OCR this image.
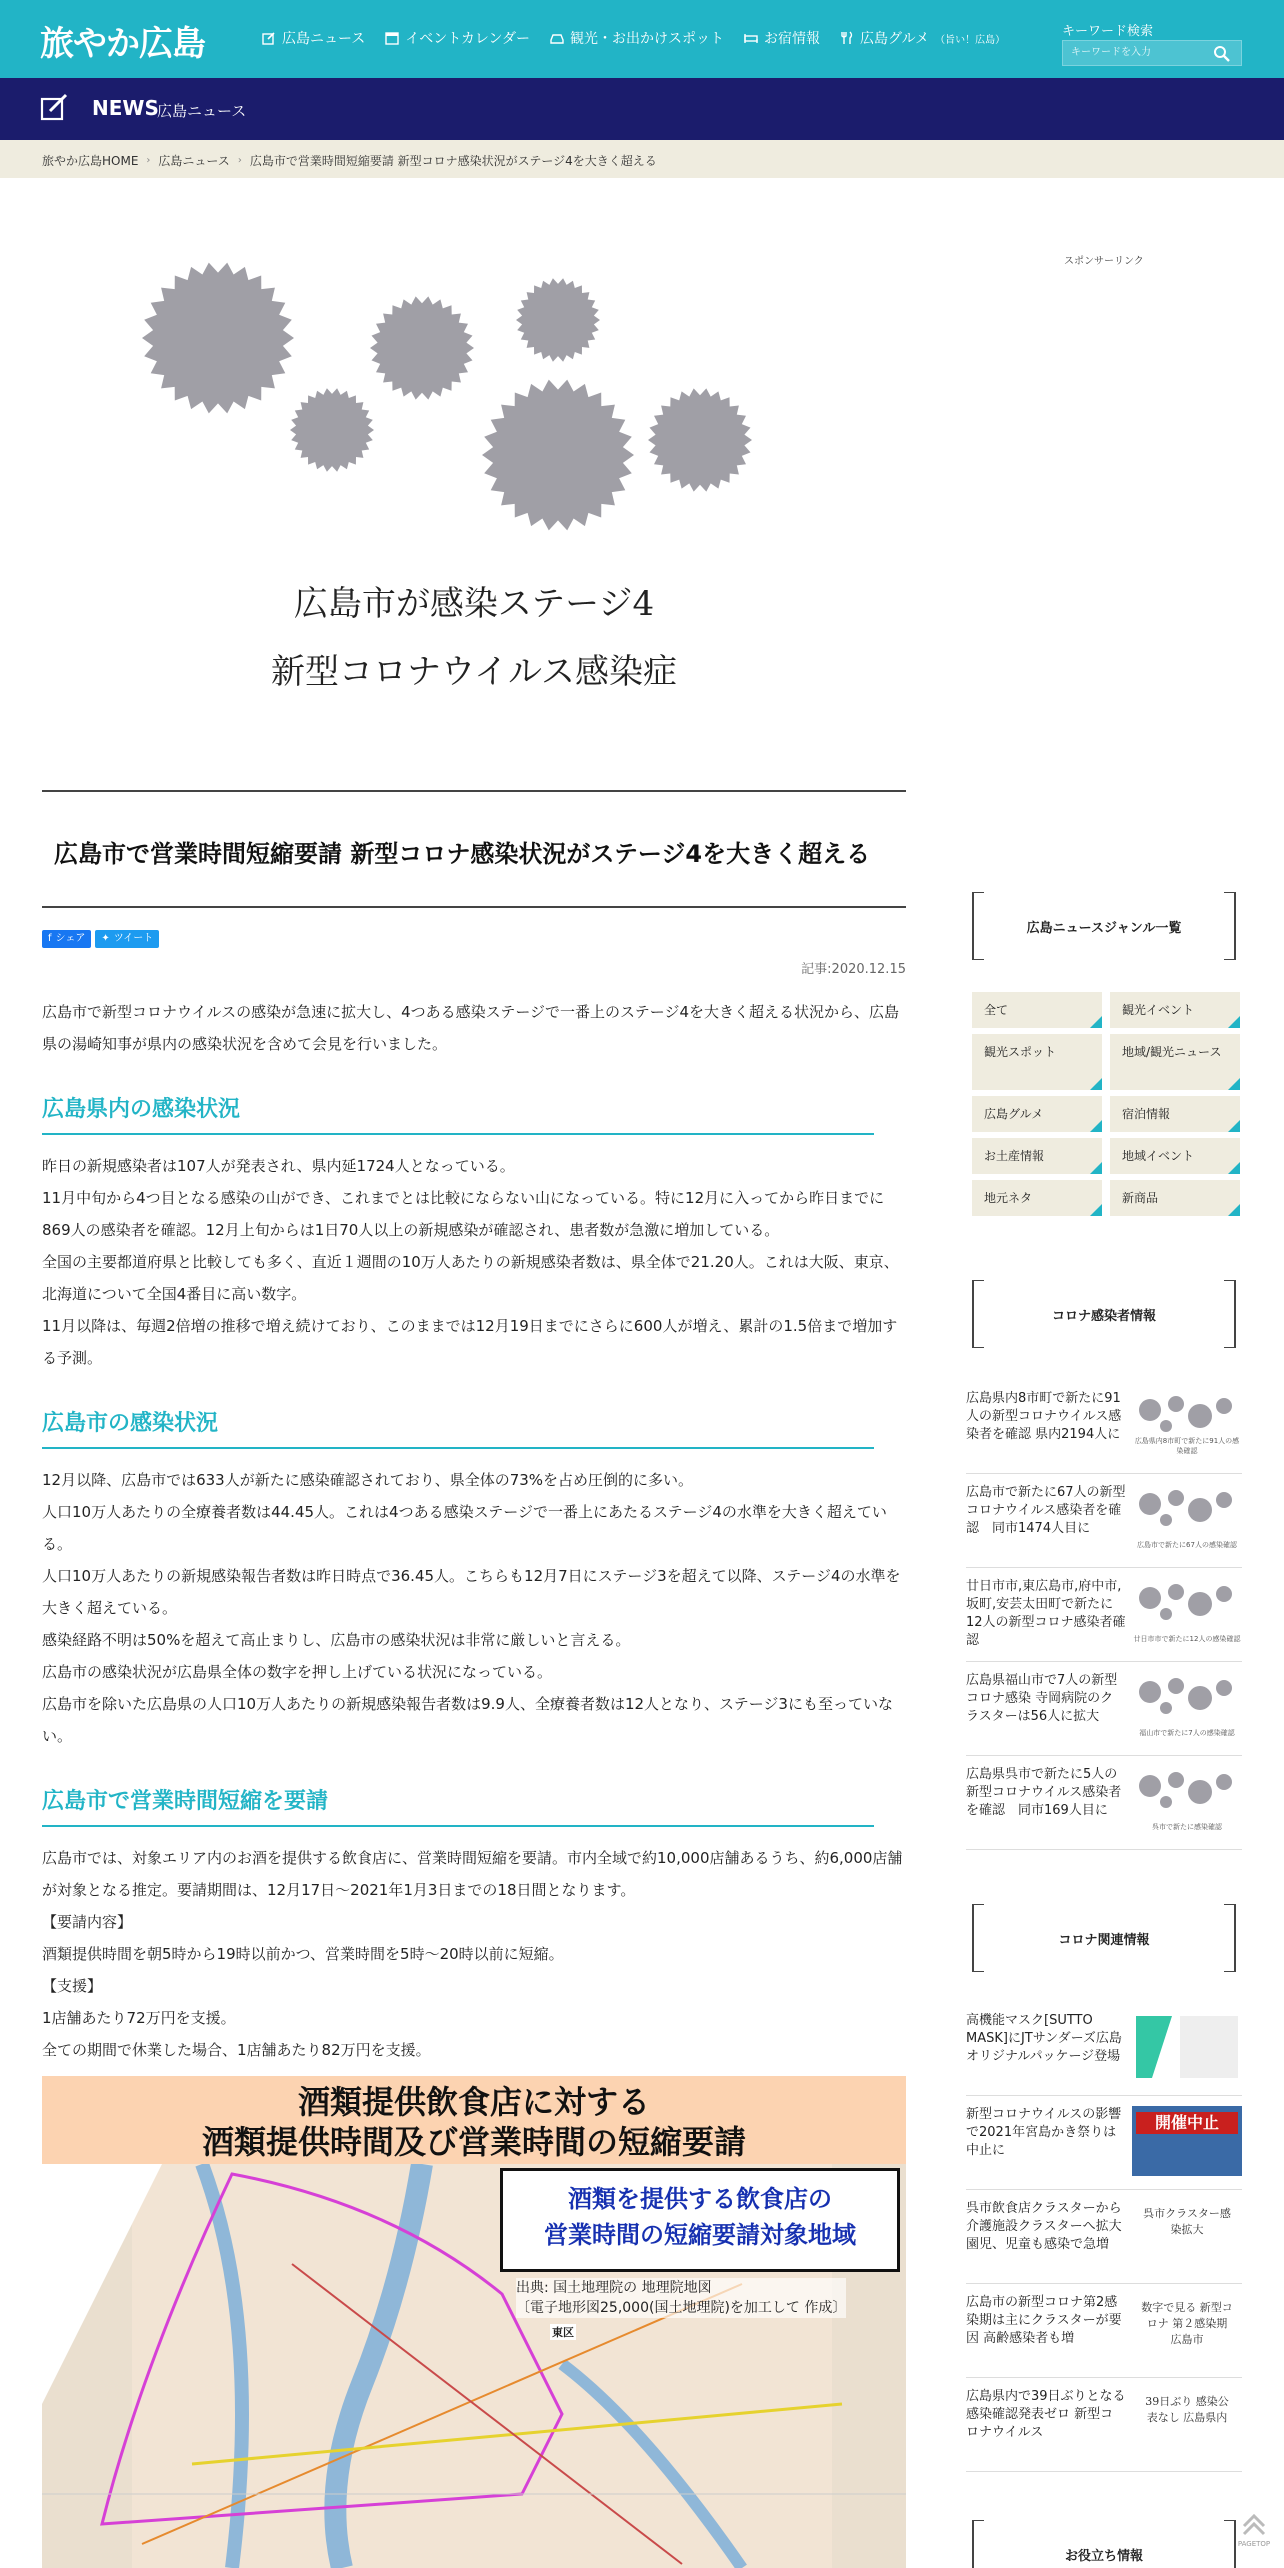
旅やか広島	広島ニュース	イベントカレンダー	観光・お出かけスポット	お宿情報	広島グルメ （旨い！広島）
キーワード検索
キーワードを入力
NEWS
広島ニュース
旅やか広島HOME › 広島ニュース › 広島市で営業時間短縮要請 新型コロナ感染状況がステージ4を大きく超える
広島市が感染ステージ4
新型コロナウイルス感染症
広島市で営業時間短縮要請 新型コロナ感染状況がステージ4を大きく超える
f シェア ✦ ツイート
記事:2020.12.15
広島市で新型コロナウイルスの感染が急速に拡大し、4つある感染ステージで一番上のステージ4を大きく超える状況から、広島県の湯崎知事が県内の感染状況を含めて会見を行いました。
広島県内の感染状況

昨日の新規感染者は107人が発表され、県内延1724人となっている。

11月中旬から4つ目となる感染の山ができ、これまでとは比較にならない山になっている。特に12月に入ってから昨日までに869人の感染者を確認。12月上旬からは1日70人以上の新規感染が確認され、患者数が急激に増加している。

全国の主要都道府県と比較しても多く、直近１週間の10万人あたりの新規感染者数は、県全体で21.20人。これは大阪、東京、北海道について全国4番目に高い数字。

11月以降は、毎週2倍増の推移で増え続けており、このままでは12月19日までにさらに600人が増え、累計の1.5倍まで増加する予測。

広島市の感染状況

12月以降、広島市では633人が新たに感染確認されており、県全体の73%を占め圧倒的に多い。

人口10万人あたりの全療養者数は44.45人。これは4つある感染ステージで一番上にあたるステージ4の水準を大きく超えている。

人口10万人あたりの新規感染報告者数は昨日時点で36.45人。こちらも12月7日にステージ3を超えて以降、ステージ4の水準を大きく超えている。

感染経路不明は50%を超えて高止まりし、広島市の感染状況は非常に厳しいと言える。

広島市の感染状況が広島県全体の数字を押し上げている状況になっている。

広島市を除いた広島県の人口10万人あたりの新規感染報告者数は9.9人、全療養者数は12人となり、ステージ3にも至っていない。

広島市で営業時間短縮を要請

広島市では、対象エリア内のお酒を提供する飲食店に、営業時間短縮を要請。市内全域で約10,000店舗あるうち、約6,000店舗が対象となる推定。要請期間は、12月17日〜2021年1月3日までの18日間となります。

【要請内容】

酒類提供時間を朝5時から19時以前かつ、営業時間を5時〜20時以前に短縮。

【支援】

1店舗あたり72万円を支援。

全ての期間で休業した場合、1店舗あたり82万円を支援。

酒類提供飲食店に対する
酒類提供時間及び営業時間の短縮要請
酒類を提供する飲食店の
営業時間の短縮要請対象地域
出典: 国土地理院の 地理院地図
〔電子地形図25,000(国土地理院)を加工して 作成〕
東区
スポンサーリンク
広島ニュースジャンル一覧
全て	観光イベント
観光スポット	地域/観光ニュース
広島グルメ	宿泊情報
お土産情報	地域イベント
地元ネタ	新商品
コロナ感染者情報
広島県内8市町で新たに91人の新型コロナウイルス感染者を確認 県内2194人に	広島県内8市町で新たに91人の感染確認
広島市で新たに67人の新型コロナウイルス感染者を確認　同市1474人目に
広島市で新たに67人の感染確認
廿日市市,東広島市,府中市,坂町,安芸太田町で新たに12人の新型コロナ感染者確認	廿日市市で新たに12人の感染確認
広島県福山市で7人の新型コロナ感染 寺岡病院のクラスターは56人に拡大
福山市で新たに7人の感染確認
広島県呉市で新たに5人の新型コロナウイルス感染者を確認　同市169人目に
呉市で新たに感染確認
コロナ関連情報
高機能マスク[SUTTO MASK]にJTサンダーズ広島オリジナルパッケージ登場
新型コロナウイルスの影響で2021年宮島かき祭りは中止に
開催中止
呉市飲食店クラスターから介護施設クラスターへ拡大 園児、児童も感染で急増
呉市クラスター感染拡大
広島市の新型コロナ第2感染期は主にクラスターが要因 高齢感染者も増
数字で見る 新型コロナ 第２感染期 広島市
広島県内で39日ぶりとなる感染確認発表ゼロ 新型コロナウイルス
39日ぶり 感染公表なし 広島県内
お役立ち情報
PAGETOP
